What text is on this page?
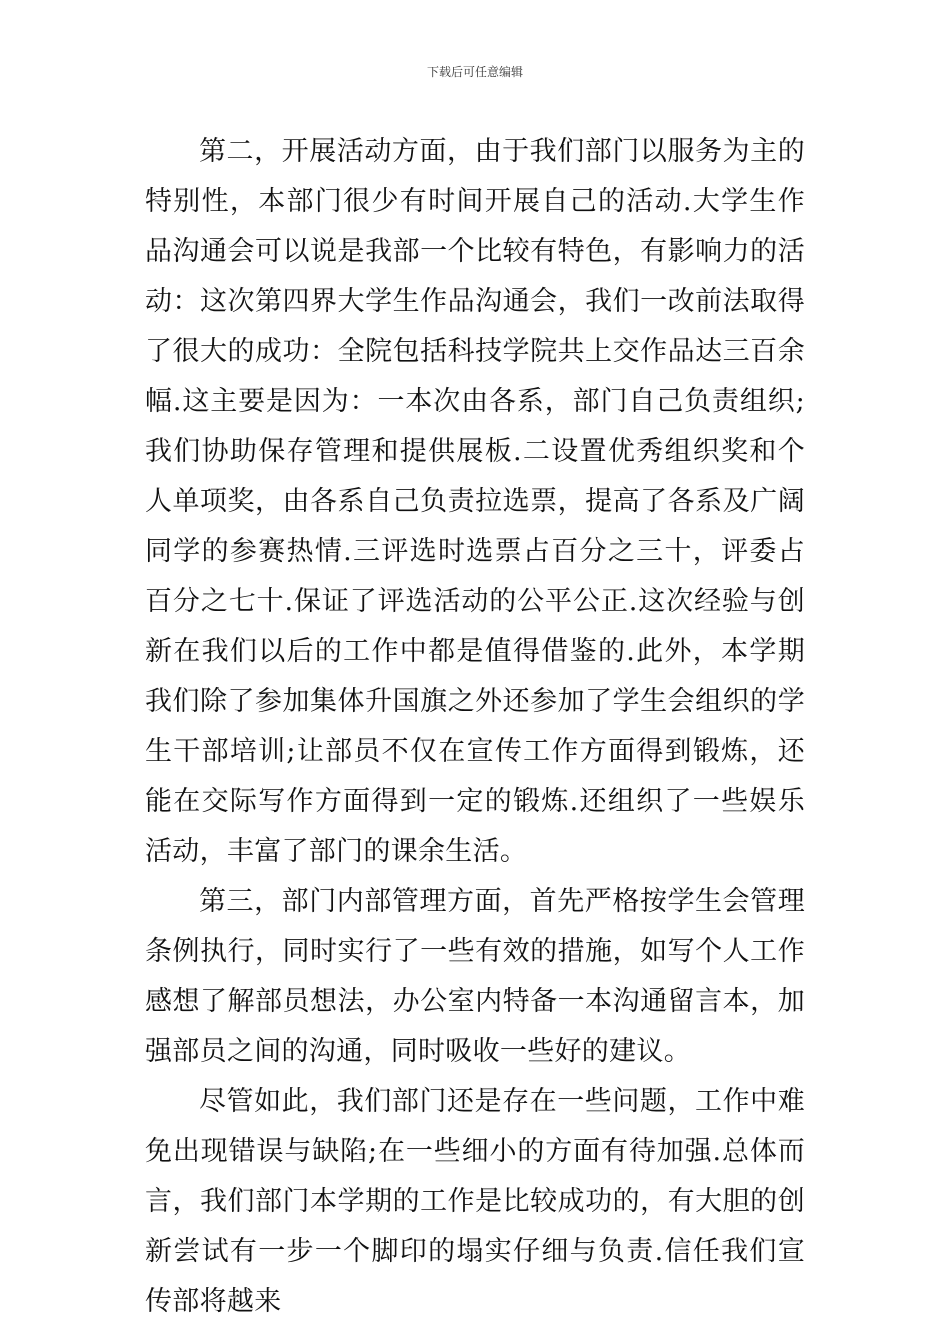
下载后可任意编辑

第二，开展活动方面，由于我们部门以服务为主的特别性，本部门很少有时间开展自己的活动.大学生作品沟通会可以说是我部一个比较有特色，有影响力的活动：这次第四界大学生作品沟通会，我们一改前法取得了很大的成功：全院包括科技学院共上交作品达三百余幅.这主要是因为：一本次由各系，部门自己负责组织;我们协助保存管理和提供展板.二设置优秀组织奖和个人单项奖，由各系自己负责拉选票，提高了各系及广阔同学的参赛热情.三评选时选票占百分之三十，评委占百分之七十.保证了评选活动的公平公正.这次经验与创新在我们以后的工作中都是值得借鉴的.此外，本学期我们除了参加集体升国旗之外还参加了学生会组织的学生干部培训;让部员不仅在宣传工作方面得到锻炼，还能在交际写作方面得到一定的锻炼.还组织了一些娱乐活动，丰富了部门的课余生活。

第三，部门内部管理方面，首先严格按学生会管理条例执行，同时实行了一些有效的措施，如写个人工作感想了解部员想法，办公室内特备一本沟通留言本，加强部员之间的沟通，同时吸收一些好的建议。

尽管如此，我们部门还是存在一些问题，工作中难免出现错误与缺陷;在一些细小的方面有待加强.总体而言，我们部门本学期的工作是比较成功的，有大胆的创新尝试有一步一个脚印的塌实仔细与负责.信任我们宣传部将越来
